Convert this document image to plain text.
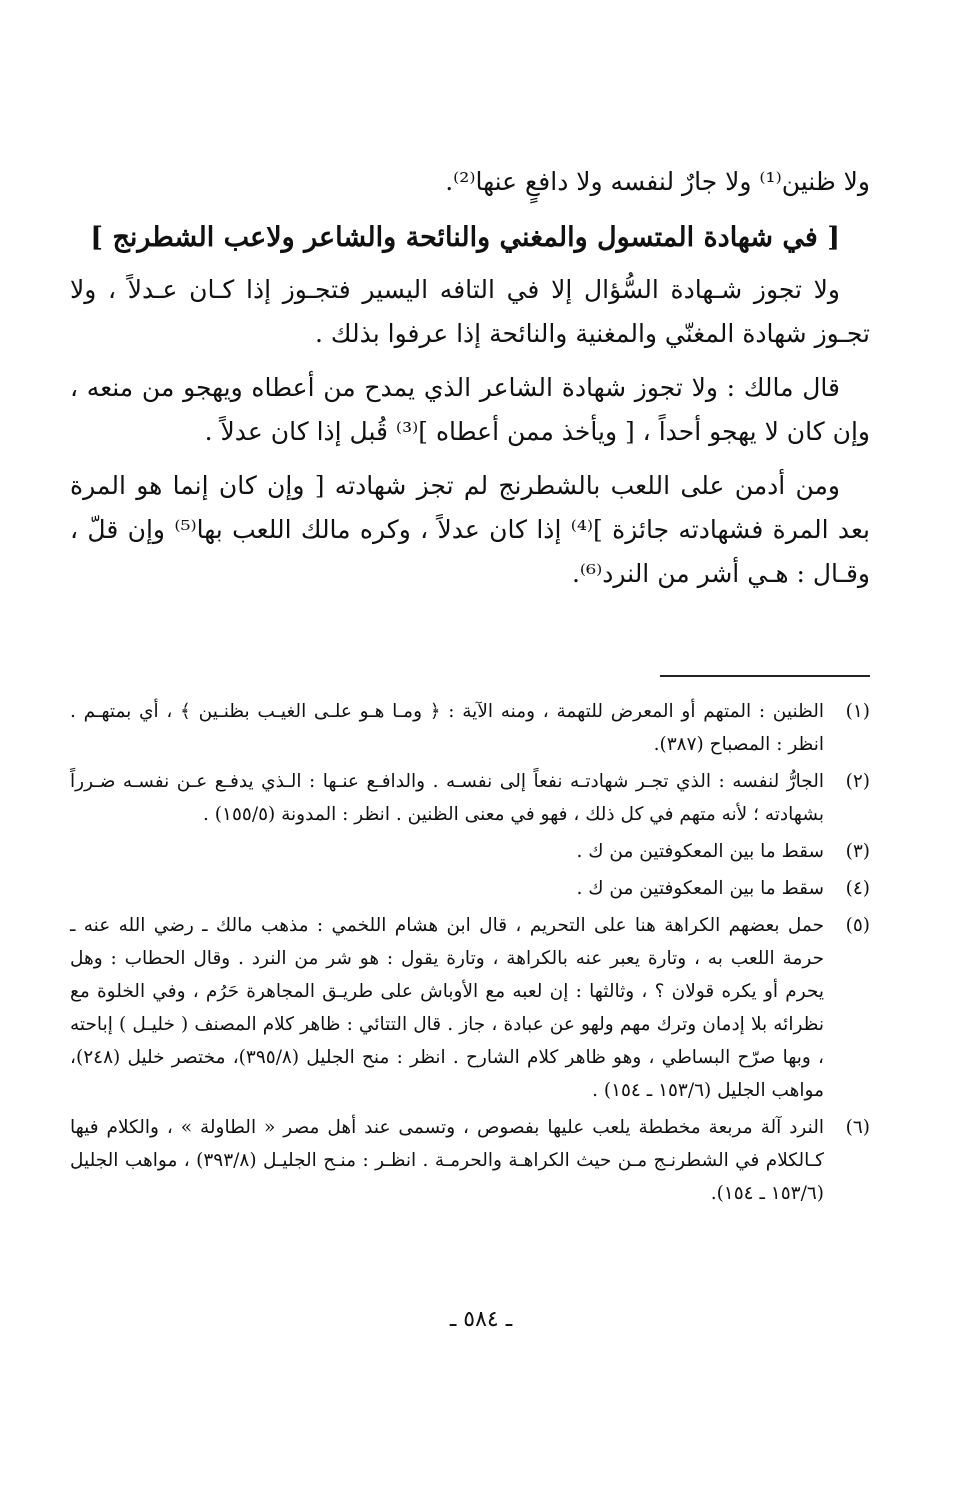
ولا ظنين⁽¹⁾ ولا جارٌ لنفسه ولا دافعٍ عنها⁽²⁾.

[ في شهادة المتسول والمغني والنائحة والشاعر ولاعب الشطرنج ]

ولا تجوز شـهادة السُّؤال إلا في التافه اليسير فتجـوز إذا كـان عـدلاً ، ولا تجـوز شهادة المغنّي والمغنية والنائحة إذا عرفوا بذلك .

قال مالك : ولا تجوز شهادة الشاعر الذي يمدح من أعطاه ويهجو من منعه ، وإن كان لا يهجو أحداً ، [ ويأخذ ممن أعطاه ]⁽³⁾ قُبل إذا كان عدلاً .

ومن أدمن على اللعب بالشطرنج لم تجز شهادته [ وإن كان إنما هو المرة بعد المرة فشهادته جائزة ]⁽⁴⁾ إذا كان عدلاً ، وكره مالك اللعب بها⁽⁵⁾ وإن قلّ ، وقـال : هـي أشر من النرد⁽⁶⁾.

(١)
الظنين : المتهم أو المعرض للتهمة ، ومنه الآية : ﴿ ومـا هـو علـى الغيـب بظنـين ﴾ ، أي بمتهـم . انظر : المصباح (٣٨٧).
(٢)
الجارُّ لنفسه : الذي تجـر شهادتـه نفعاً إلى نفسـه . والدافـع عنـها : الـذي يدفـع عـن نفسـه ضـرراً بشهادته ؛ لأنه متهم في كل ذلك ، فهو في معنى الظنين . انظر : المدونة (١٥٥/٥) .
(٣)
سقط ما بين المعكوفتين من ك .
(٤)
سقط ما بين المعكوفتين من ك .
(٥)
حمل بعضهم الكراهة هنا على التحريم ، قال ابن هشام اللخمي : مذهب مالك ـ رضي الله عنه ـ حرمة اللعب به ، وتارة يعبر عنه بالكراهة ، وتارة يقول : هو شر من النرد . وقال الحطاب : وهل يحرم أو يكره قولان ؟ ، وثالثها : إن لعبه مع الأوباش على طريـق المجاهرة حَرُم ، وفي الخلوة مع نظرائه بلا إدمان وترك مهم ولهو عن عبادة ، جاز . قال التتائي : ظاهر كلام المصنف ( خليـل ) إباحته ، وبها صرّح البساطي ، وهو ظاهر كلام الشارح . انظر : منح الجليل (٣٩٥/٨)، مختصر خليل (٢٤٨)، مواهب الجليل (١٥٣/٦ ـ ١٥٤) .
(٦)
النرد آلة مربعة مخططة يلعب عليها بفصوص ، وتسمى عند أهل مصر « الطاولة » ، والكلام فيها كـالكلام في الشطرنـج مـن حيث الكراهـة والحرمـة . انظـر : منـح الجليـل (٣٩٣/٨) ، مواهب الجليل (١٥٣/٦ ـ ١٥٤).
ـ ٥٨٤ ـ
